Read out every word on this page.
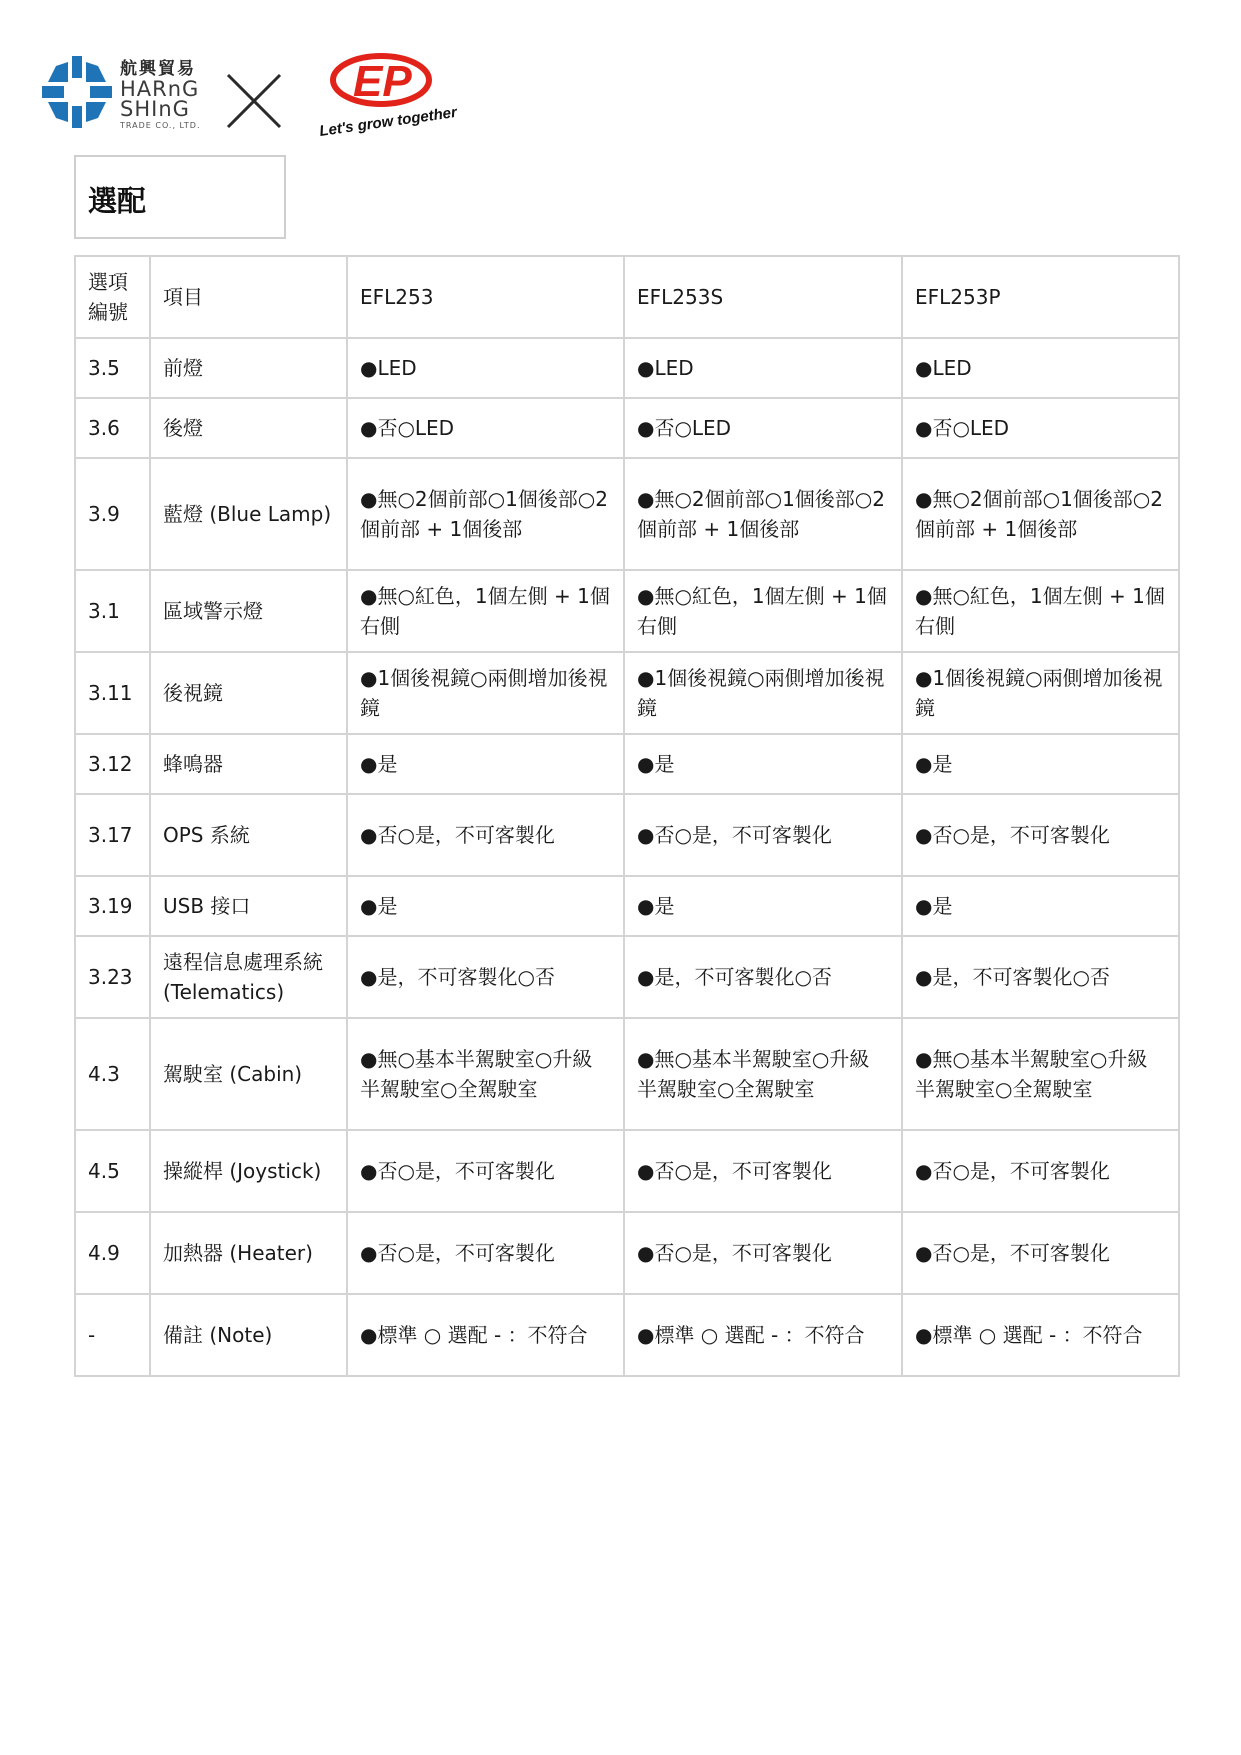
航興貿易
HARnG
SHInG
TRADE CO., LTD.
EP
Let's grow together
選配
選項編號	項目	EFL253	EFL253S	EFL253P
3.5	前燈	●LED	●LED	●LED
3.6	後燈	●否○LED	●否○LED	●否○LED
3.9	藍燈 (Blue Lamp)	●無○2個前部○1個後部○2個前部 + 1個後部	●無○2個前部○1個後部○2個前部 + 1個後部	●無○2個前部○1個後部○2個前部 + 1個後部
3.1	區域警示燈	●無○紅色，1個左側 + 1個右側	●無○紅色，1個左側 + 1個右側	●無○紅色，1個左側 + 1個右側
3.11	後視鏡	●1個後視鏡○兩側增加後視鏡	●1個後視鏡○兩側增加後視鏡	●1個後視鏡○兩側增加後視鏡
3.12	蜂鳴器	●是	●是	●是
3.17	OPS 系統	●否○是，不可客製化	●否○是，不可客製化	●否○是，不可客製化
3.19	USB 接口	●是	●是	●是
3.23	遠程信息處理系統 (Telematics)	●是，不可客製化○否	●是，不可客製化○否	●是，不可客製化○否
4.3	駕駛室 (Cabin)	●無○基本半駕駛室○升級半駕駛室○全駕駛室	●無○基本半駕駛室○升級半駕駛室○全駕駛室	●無○基本半駕駛室○升級半駕駛室○全駕駛室
4.5	操縱桿 (Joystick)	●否○是，不可客製化	●否○是，不可客製化	●否○是，不可客製化
4.9	加熱器 (Heater)	●否○是，不可客製化	●否○是，不可客製化	●否○是，不可客製化
-	備註 (Note)	●標準 ○ 選配 - ：不符合	●標準 ○ 選配 - ：不符合	●標準 ○ 選配 - ：不符合
